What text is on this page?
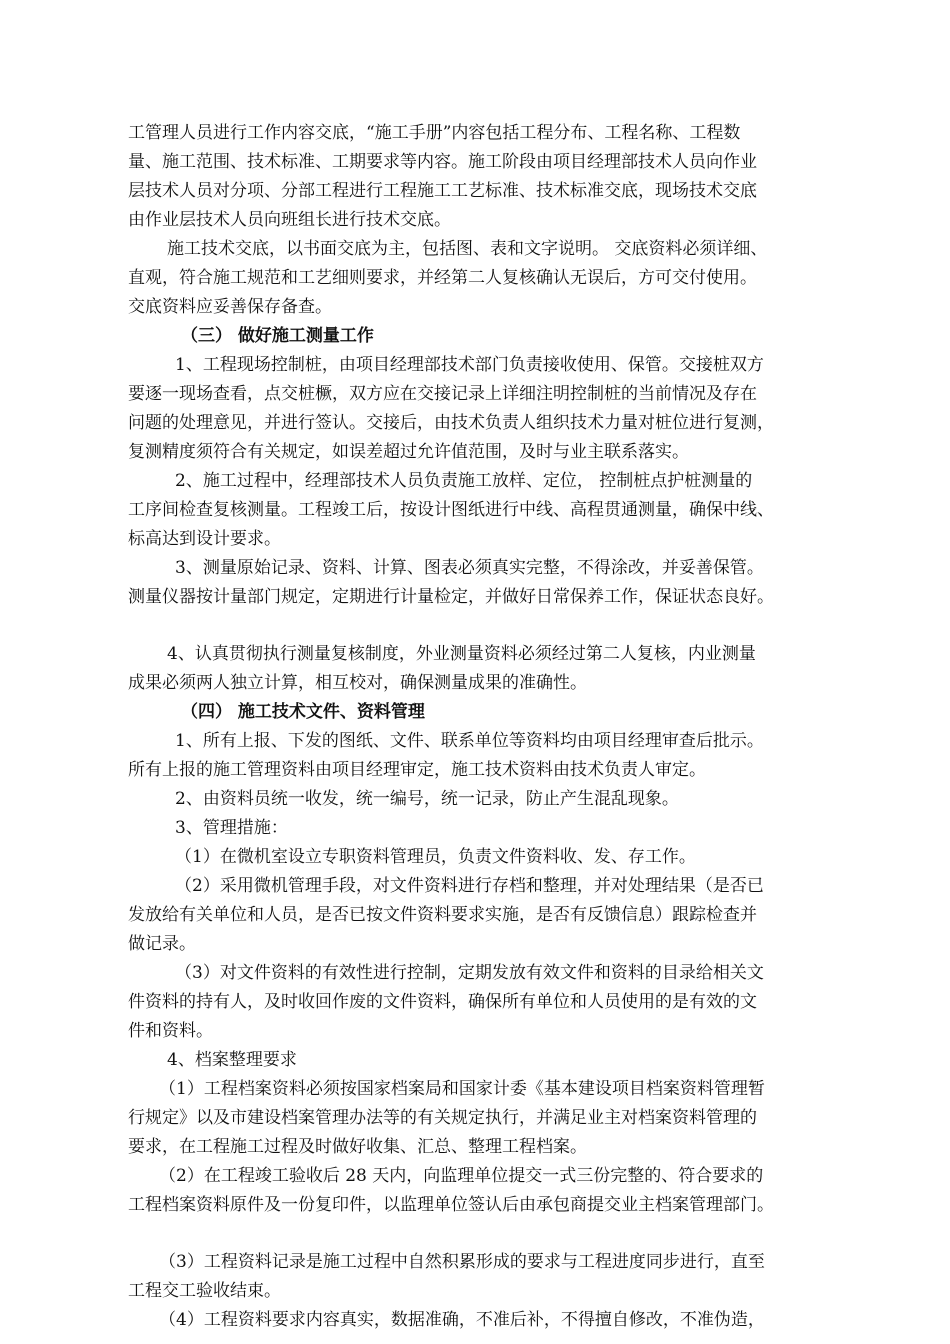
工管理人员进行工作内容交底，“施工手册”内容包括工程分布、工程名称、工程数
量、施工范围、技术标准、工期要求等内容。施工阶段由项目经理部技术人员向作业
层技术人员对分项、分部工程进行工程施工工艺标准、技术标准交底，现场技术交底
由作业层技术人员向班组长进行技术交底。
施工技术交底，以书面交底为主，包括图、表和文字说明。 交底资料必须详细、
直观，符合施工规范和工艺细则要求，并经第二人复核确认无误后，方可交付使用。
交底资料应妥善保存备查。
（三） 做好施工测量工作
1、工程现场控制桩，由项目经理部技术部门负责接收使用、保管。交接桩双方
要逐一现场查看，点交桩橛，双方应在交接记录上详细注明控制桩的当前情况及存在
问题的处理意见，并进行签认。交接后，由技术负责人组织技术力量对桩位进行复测，
复测精度须符合有关规定，如误差超过允许值范围，及时与业主联系落实。
2、施工过程中，经理部技术人员负责施工放样、定位， 控制桩点护桩测量的
工序间检查复核测量。工程竣工后，按设计图纸进行中线、高程贯通测量，确保中线、
标高达到设计要求。
3、测量原始记录、资料、计算、图表必须真实完整，不得涂改，并妥善保管。
测量仪器按计量部门规定，定期进行计量检定，并做好日常保养工作，保证状态良好。
4、认真贯彻执行测量复核制度，外业测量资料必须经过第二人复核，内业测量
成果必须两人独立计算，相互校对，确保测量成果的准确性。
（四） 施工技术文件、资料管理
1、所有上报、下发的图纸、文件、联系单位等资料均由项目经理审查后批示。
所有上报的施工管理资料由项目经理审定，施工技术资料由技术负责人审定。
2、由资料员统一收发，统一编号，统一记录，防止产生混乱现象。
3、管理措施：
（1）在微机室设立专职资料管理员，负责文件资料收、发、存工作。
（2）采用微机管理手段，对文件资料进行存档和整理，并对处理结果（是否已
发放给有关单位和人员，是否已按文件资料要求实施，是否有反馈信息）跟踪检查并
做记录。
（3）对文件资料的有效性进行控制，定期发放有效文件和资料的目录给相关文
件资料的持有人，及时收回作废的文件资料，确保所有单位和人员使用的是有效的文
件和资料。
4、档案整理要求
（1）工程档案资料必须按国家档案局和国家计委《基本建设项目档案资料管理暂
行规定》以及市建设档案管理办法等的有关规定执行，并满足业主对档案资料管理的
要求，在工程施工过程及时做好收集、汇总、整理工程档案。
（2）在工程竣工验收后 28 天内，向监理单位提交一式三份完整的、符合要求的
工程档案资料原件及一份复印件，以监理单位签认后由承包商提交业主档案管理部门。
（3）工程资料记录是施工过程中自然积累形成的要求与工程进度同步进行，直至
工程交工验收结束。
（4）工程资料要求内容真实，数据准确，不准后补，不得擅自修改，不准伪造，
